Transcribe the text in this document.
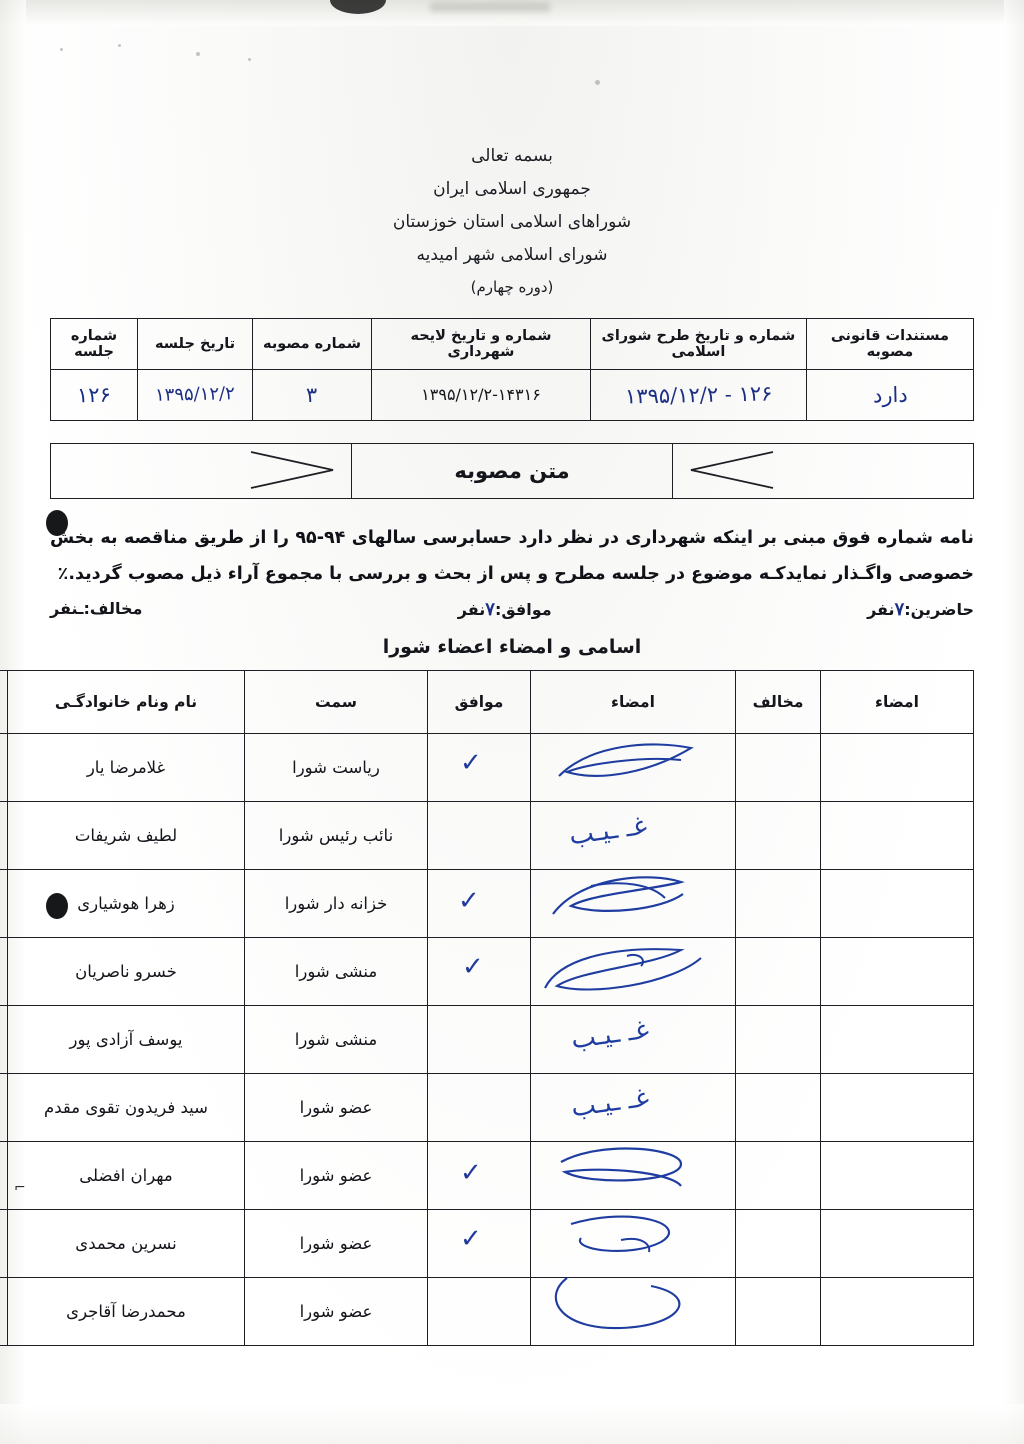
⌐
بسمه تعالی
جمهوری اسلامی ایران
شوراهای اسلامی استان خوزستان
شورای اسلامی شهر امیدیه
(دوره چهارم)
مستندات قانونی مصوبه	شماره و تاریخ طرح شورای اسلامی	شماره و تاریخ لایحه شهرداری	شماره مصوبه	تاریخ جلسه	شماره جلسه
دارد	۱۲۶ - ۱۳۹۵/۱۲/۲	۱۳۹۵/۱۲/۲-۱۴۳۱۶	۳	۱۳۹۵/۱۲/۲	۱۲۶
متن مصوبه
نامه شماره فوق مبنی بر اینکه شهرداری در نظر دارد حسابرسی سالهای ۹۴-۹۵ را از طریق مناقصه به بخش خصوصی واگـذار نمایدکـه موضوع در جلسه مطرح و پس از بحث و بررسی با مجموع آراء ذیل مصوب گردید.٪
حاضرین:۷نفر
موافق:۷نفر
مخالف:ـنفر
اسامی و امضاء اعضاء شورا
امضاء	مخالف	امضاء	موافق	سمت	نام ونام خانوادگـی	

✓	ریاست شورا	غلامرضا یار	

		غـ ـیـب		نائب رئیس شورا	لطیف شریفات	

✓	خزانه دار شورا	زهرا هوشیاری	

✓	منشی شورا	خسرو ناصریان	

		غـ ـیـب		منشی شورا	یوسف آزادی پور	

		غـ ـیـب		عضو شورا	سید فریدون تقوی مقدم	

✓	عضو شورا	مهران افضلی	

✓	عضو شورا	نسرین محمدی	

		عضو شورا	محمدرضا آقاجری	
